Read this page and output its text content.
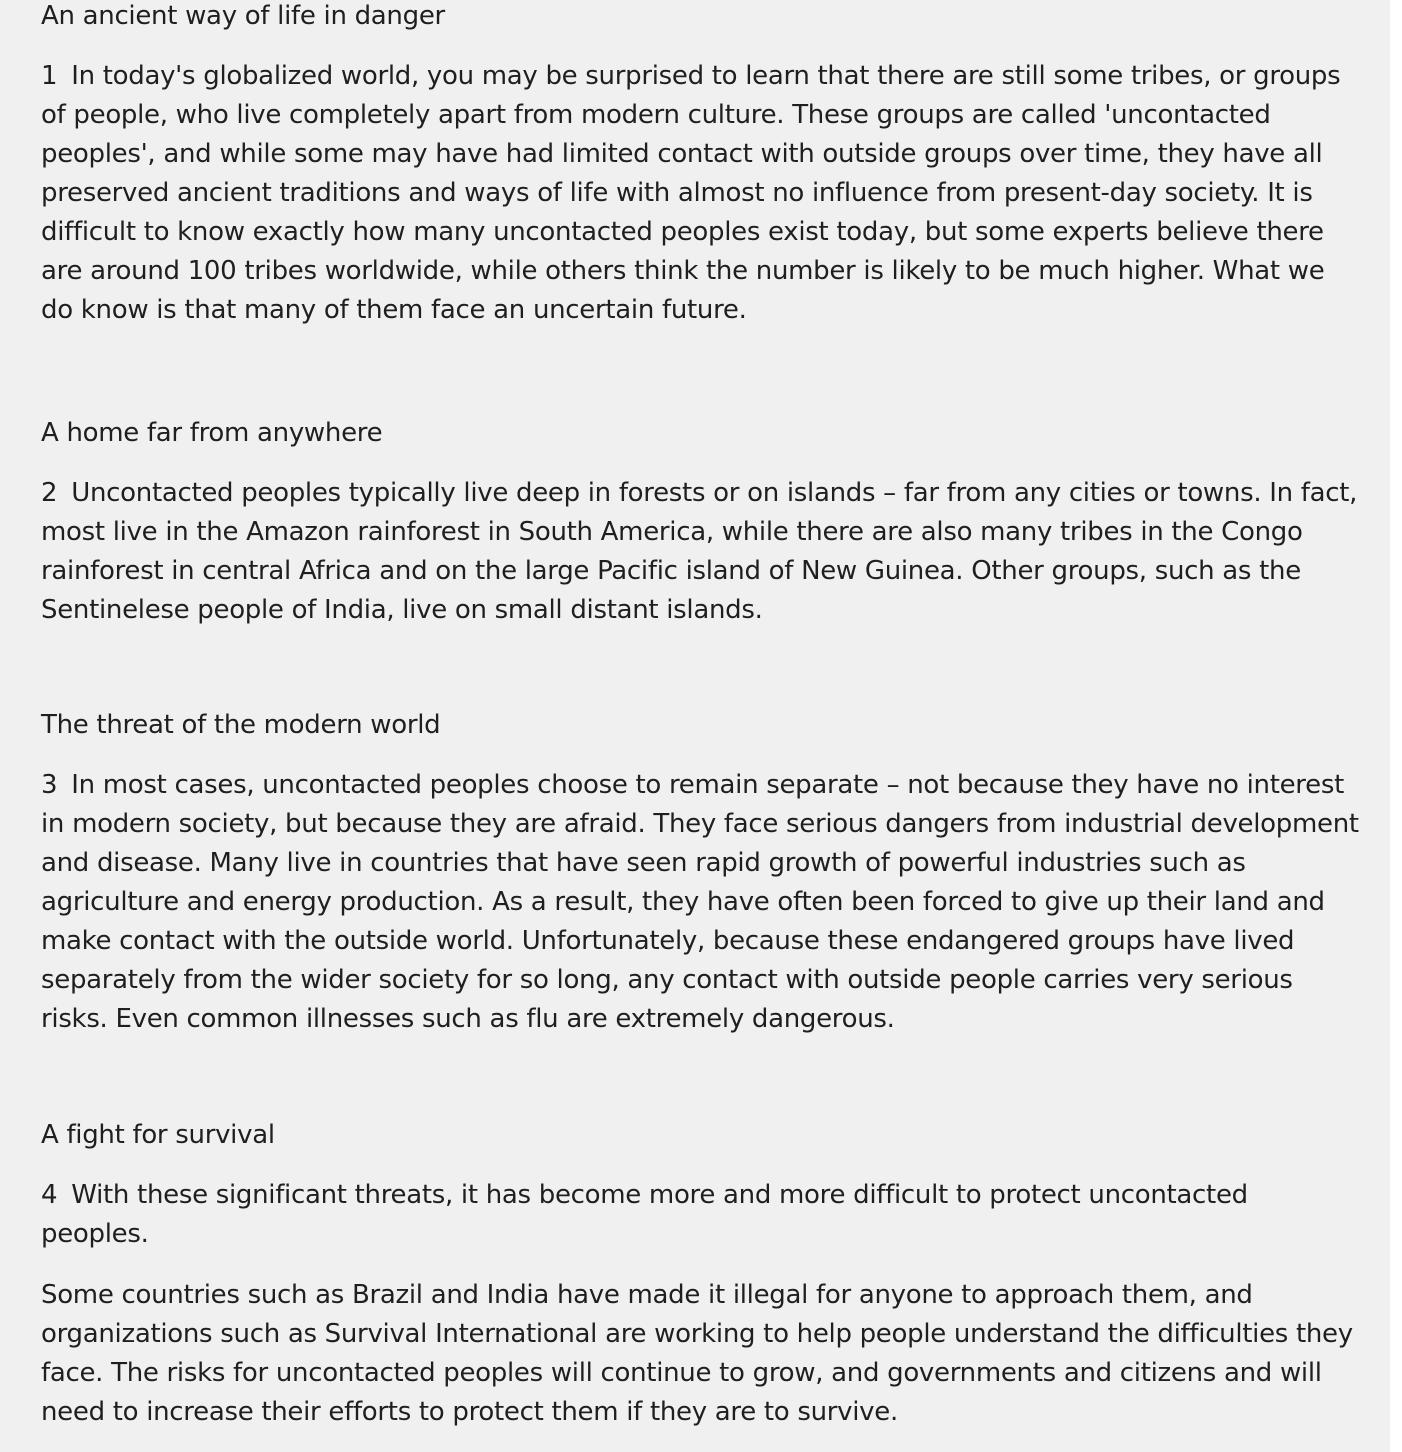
An ancient way of life in danger

1 In today's globalized world, you may be surprised to learn that there are still some tribes, or groups of people, who live completely apart from modern culture. These groups are called 'uncontacted peoples', and while some may have had limited contact with outside groups over time, they have all preserved ancient traditions and ways of life with almost no influence from present-day society. It is difficult to know exactly how many uncontacted peoples exist today, but some experts believe there are around 100 tribes worldwide, while others think the number is likely to be much higher. What we do know is that many of them face an uncertain future.

A home far from anywhere

2 Uncontacted peoples typically live deep in forests or on islands – far from any cities or towns. In fact, most live in the Amazon rainforest in South America, while there are also many tribes in the Congo rainforest in central Africa and on the large Pacific island of New Guinea. Other groups, such as the Sentinelese people of India, live on small distant islands.

The threat of the modern world

3 In most cases, uncontacted peoples choose to remain separate – not because they have no interest in modern society, but because they are afraid. They face serious dangers from industrial development and disease. Many live in countries that have seen rapid growth of powerful industries such as agriculture and energy production. As a result, they have often been forced to give up their land and make contact with the outside world. Unfortunately, because these endangered groups have lived separately from the wider society for so long, any contact with outside people carries very serious risks. Even common illnesses such as flu are extremely dangerous.

A fight for survival

4 With these significant threats, it has become more and more difficult to protect uncontacted peoples.

Some countries such as Brazil and India have made it illegal for anyone to approach them, and organizations such as Survival International are working to help people understand the difficulties they face. The risks for uncontacted peoples will continue to grow, and governments and citizens and will need to increase their efforts to protect them if they are to survive.
